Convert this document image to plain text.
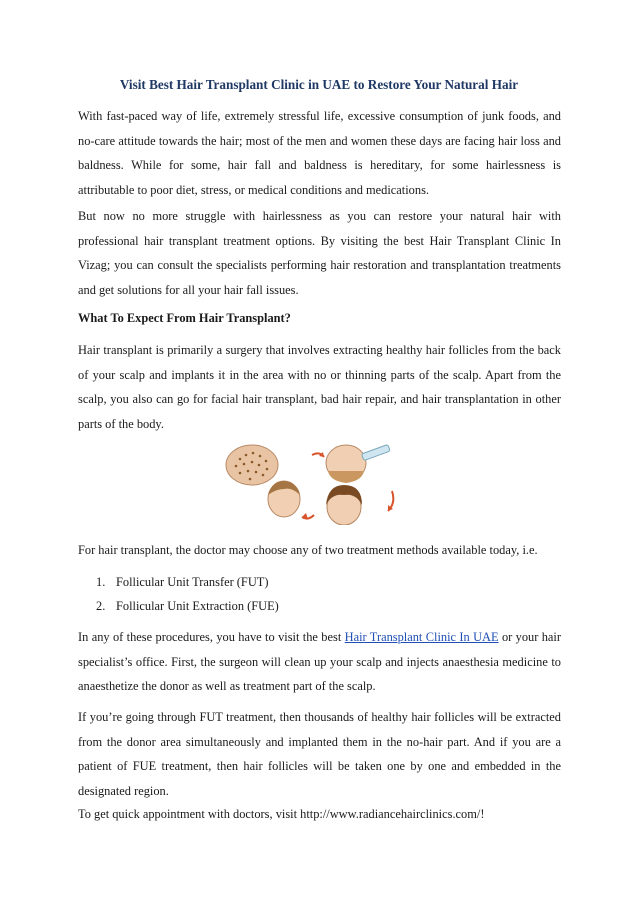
Visit Best Hair Transplant Clinic in UAE to Restore Your Natural Hair

With fast-paced way of life, extremely stressful life, excessive consumption of junk foods, and no-care attitude towards the hair; most of the men and women these days are facing hair loss and baldness. While for some, hair fall and baldness is hereditary, for some hairlessness is attributable to poor diet, stress, or medical conditions and medications.

But now no more struggle with hairlessness as you can restore your natural hair with professional hair transplant treatment options. By visiting the best Hair Transplant Clinic In Vizag; you can consult the specialists performing hair restoration and transplantation treatments and get solutions for all your hair fall issues.

What To Expect From Hair Transplant?

Hair transplant is primarily a surgery that involves extracting healthy hair follicles from the back of your scalp and implants it in the area with no or thinning parts of the scalp. Apart from the scalp, you also can go for facial hair transplant, bad hair repair, and hair transplantation in other parts of the body.

For hair transplant, the doctor may choose any of two treatment methods available today, i.e.

1. Follicular Unit Transfer (FUT)
2. Follicular Unit Extraction (FUE)

In any of these procedures, you have to visit the best Hair Transplant Clinic In UAE or your hair specialist’s office. First, the surgeon will clean up your scalp and injects anaesthesia medicine to anaesthetize the donor as well as treatment part of the scalp.

If you’re going through FUT treatment, then thousands of healthy hair follicles will be extracted from the donor area simultaneously and implanted them in the no-hair part. And if you are a patient of FUE treatment, then hair follicles will be taken one by one and embedded in the designated region.

To get quick appointment with doctors, visit http://www.radiancehairclinics.com/!
